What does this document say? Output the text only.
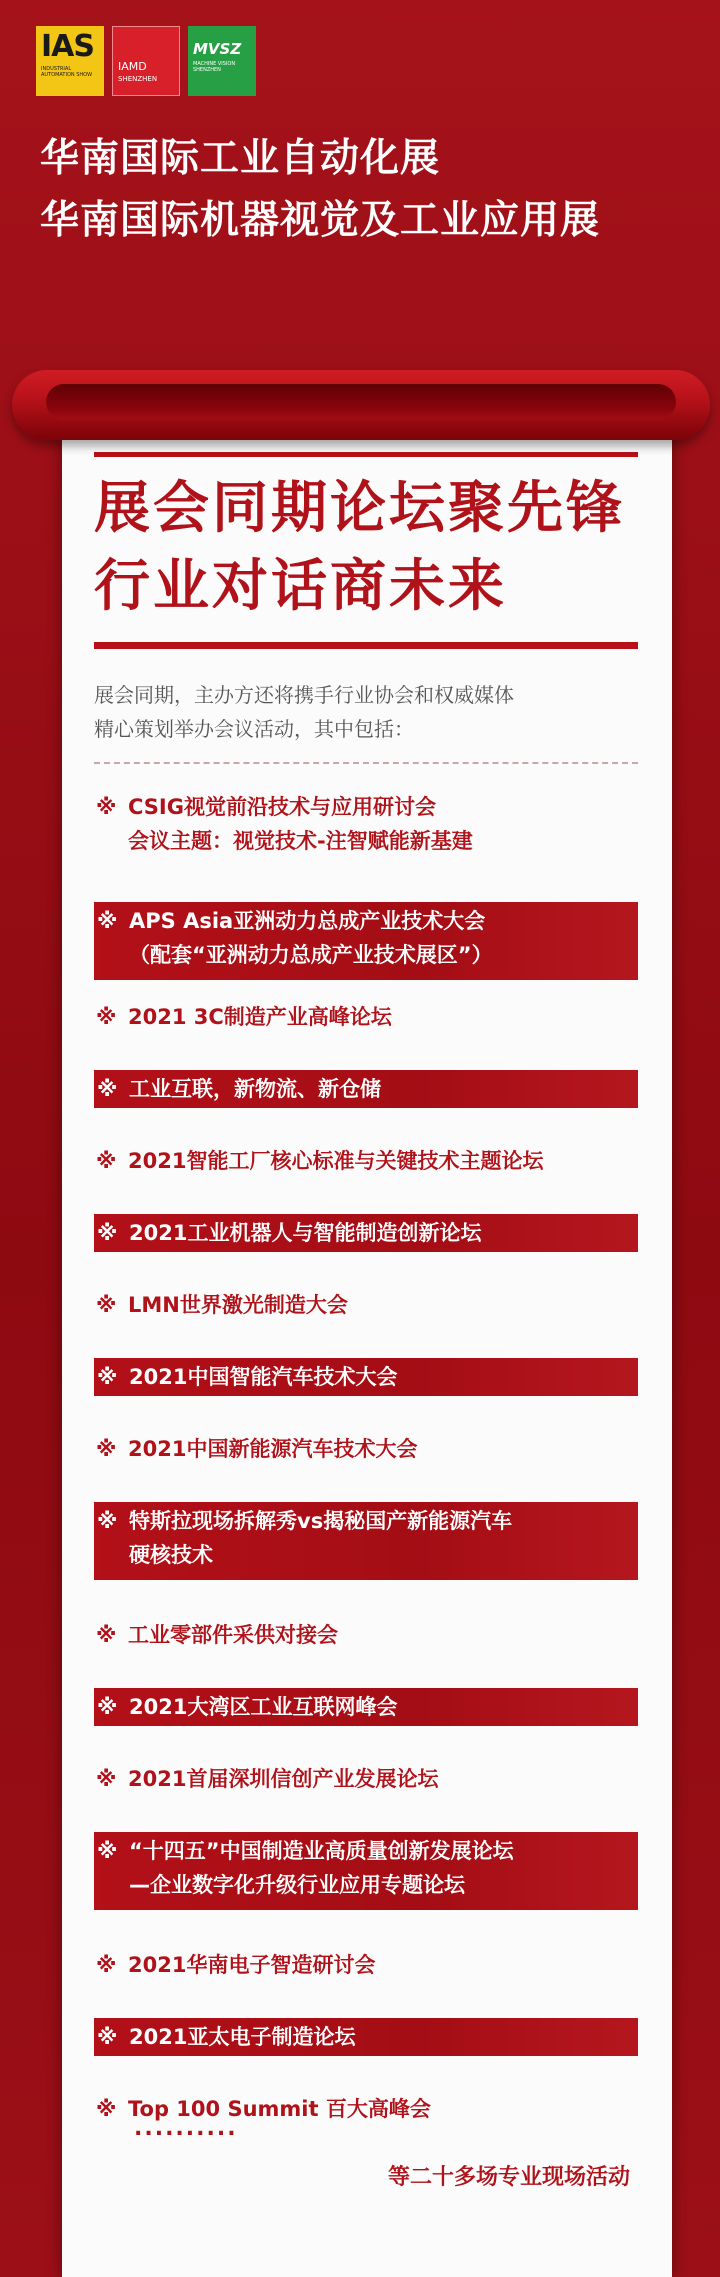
IAS
INDUSTRIAL AUTOMATION SHOW
IAMD
SHENZHEN
MVSZ
MACHINE VISION SHENZHEN
华南国际工业自动化展
华南国际机器视觉及工业应用展
展会同期论坛聚先锋
行业对话商未来
展会同期，主办方还将携手行业协会和权威媒体
精心策划举办会议活动，其中包括：
※ CSIG视觉前沿技术与应用研讨会
会议主题：视觉技术-注智赋能新基建
※ APS Asia亚洲动力总成产业技术大会
（配套“亚洲动力总成产业技术展区”）
※ 2021 3C制造产业高峰论坛
※ 工业互联，新物流、新仓储
※ 2021智能工厂核心标准与关键技术主题论坛
※ 2021工业机器人与智能制造创新论坛
※ LMN世界激光制造大会
※ 2021中国智能汽车技术大会
※ 2021中国新能源汽车技术大会
※ 特斯拉现场拆解秀vs揭秘国产新能源汽车
硬核技术
※ 工业零部件采供对接会
※ 2021大湾区工业互联网峰会
※ 2021首届深圳信创产业发展论坛
※ “十四五”中国制造业高质量创新发展论坛
—企业数字化升级行业应用专题论坛
※ 2021华南电子智造研讨会
※ 2021亚太电子制造论坛
※ Top 100 Summit 百大高峰会
..........
等二十多场专业现场活动
